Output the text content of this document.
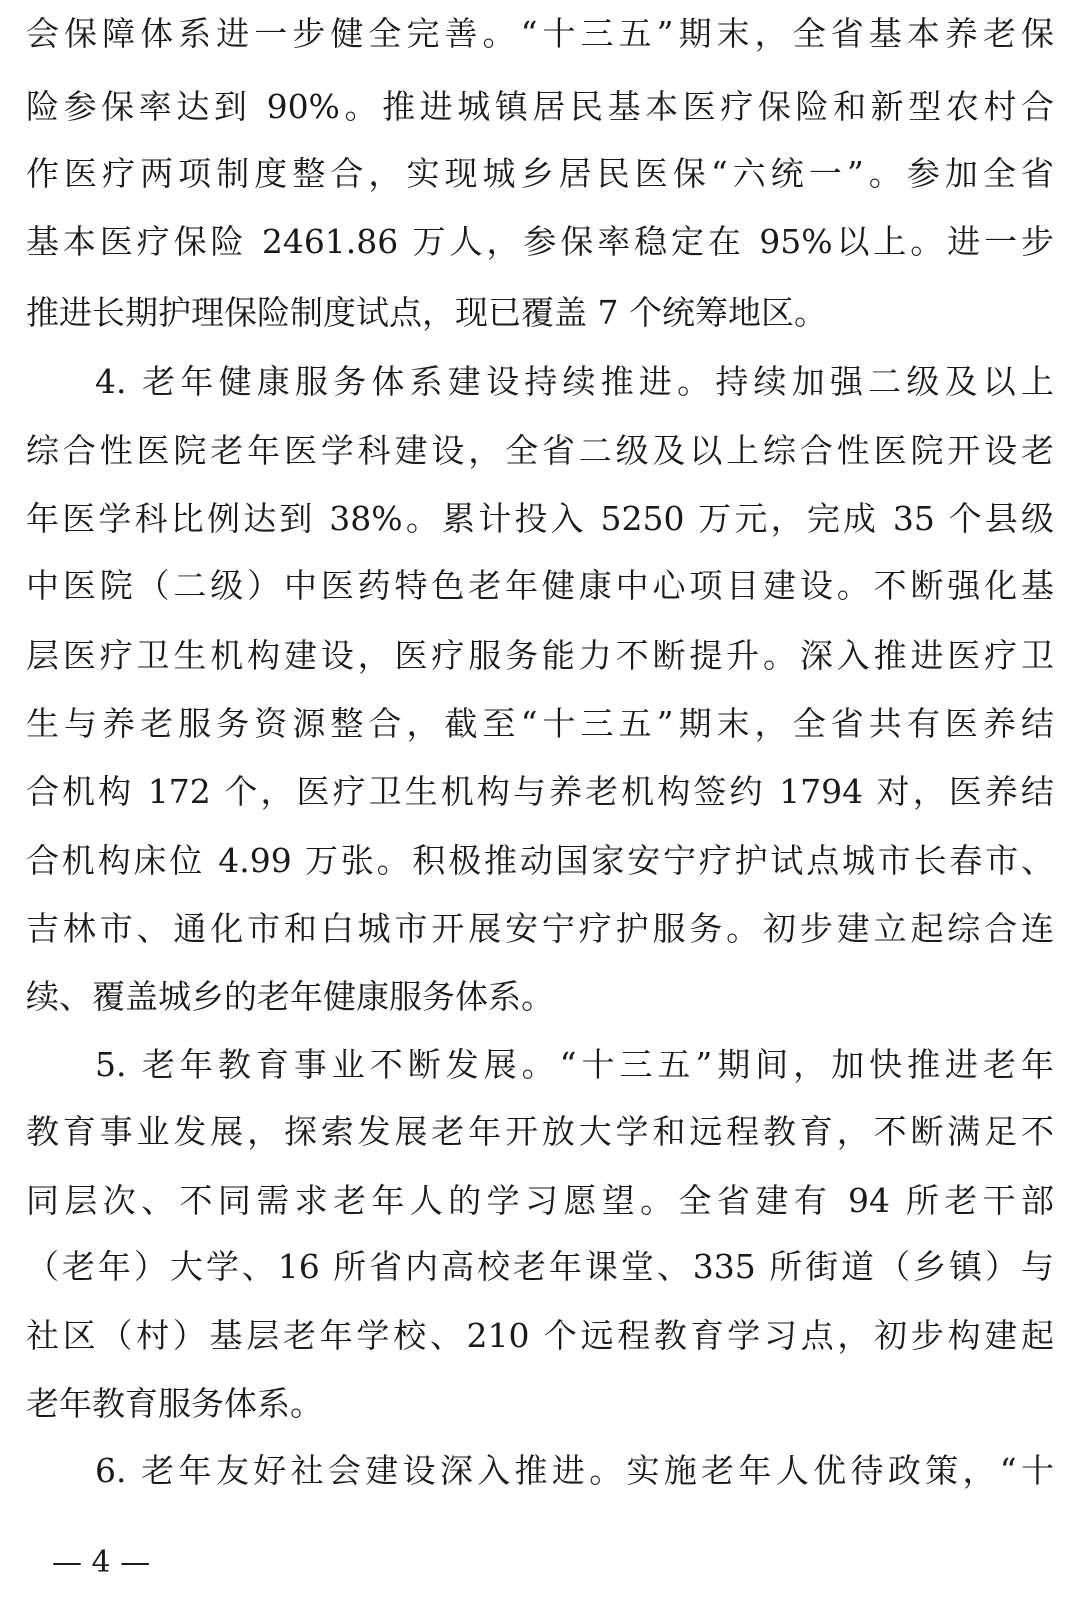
会保障体系进一步健全完善。“十三五”期末，全省基本养老保
险参保率达到 90%。推进城镇居民基本医疗保险和新型农村合
作医疗两项制度整合，实现城乡居民医保“六统一”。参加全省
基本医疗保险 2461.86 万人，参保率稳定在 95%以上。进一步
推进长期护理保险制度试点，现已覆盖 7 个统筹地区。
4. 老年健康服务体系建设持续推进。持续加强二级及以上
综合性医院老年医学科建设，全省二级及以上综合性医院开设老
年医学科比例达到 38%。累计投入 5250 万元，完成 35 个县级
中医院（二级）中医药特色老年健康中心项目建设。不断强化基
层医疗卫生机构建设，医疗服务能力不断提升。深入推进医疗卫
生与养老服务资源整合，截至“十三五”期末，全省共有医养结
合机构 172 个，医疗卫生机构与养老机构签约 1794 对，医养结
合机构床位 4.99 万张。积极推动国家安宁疗护试点城市长春市、
吉林市、通化市和白城市开展安宁疗护服务。初步建立起综合连
续、覆盖城乡的老年健康服务体系。
5. 老年教育事业不断发展。“十三五”期间，加快推进老年
教育事业发展，探索发展老年开放大学和远程教育，不断满足不
同层次、不同需求老年人的学习愿望。全省建有 94 所老干部
（老年）大学、16 所省内高校老年课堂、335 所街道（乡镇）与
社区（村）基层老年学校、210 个远程教育学习点，初步构建起
老年教育服务体系。
6. 老年友好社会建设深入推进。实施老年人优待政策，“十
— 4 —
